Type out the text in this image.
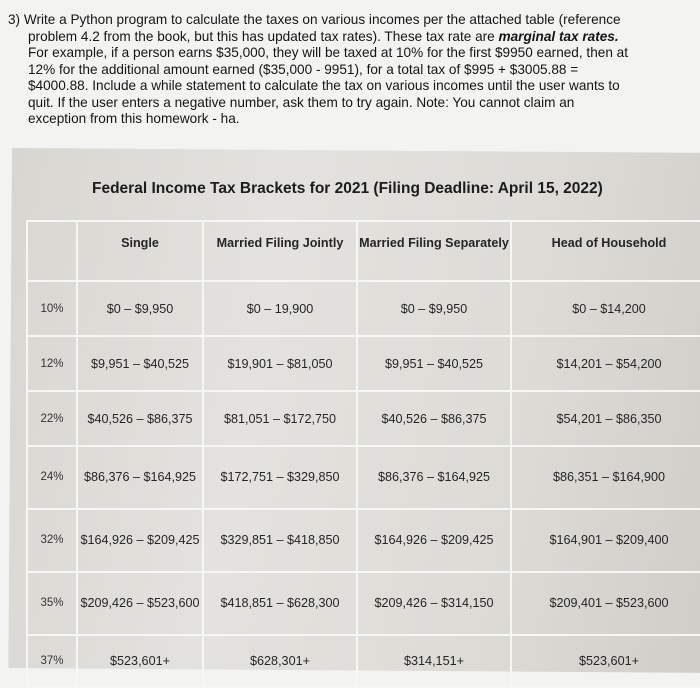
3) Write a Python program to calculate the taxes on various incomes per the attached table (reference
problem 4.2 from the book, but this has updated tax rates). These tax rate are marginal tax rates.
For example, if a person earns $35,000, they will be taxed at 10% for the first $9950 earned, then at
12% for the additional amount earned ($35,000 - 9951), for a total tax of $995 + $3005.88 =
$4000.88. Include a while statement to calculate the tax on various incomes until the user wants to
quit. If the user enters a negative number, ask them to try again. Note: You cannot claim an
exception from this homework - ha.
Federal Income Tax Brackets for 2021 (Filing Deadline: April 15, 2022)
	Single	Married Filing Jointly	Married Filing Separately	Head of Household
10%	$0 – $9,950	$0 – 19,900	$0 – $9,950	$0 – $14,200
12%	$9,951 – $40,525	$19,901 – $81,050	$9,951 – $40,525	$14,201 – $54,200
22%	$40,526 – $86,375	$81,051 – $172,750	$40,526 – $86,375	$54,201 – $86,350
24%	$86,376 – $164,925	$172,751 – $329,850	$86,376 – $164,925	$86,351 – $164,900
32%	$164,926 – $209,425	$329,851 – $418,850	$164,926 – $209,425	$164,901 – $209,400
35%	$209,426 – $523,600	$418,851 – $628,300	$209,426 – $314,150	$209,401 – $523,600
37%	$523,601+	$628,301+	$314,151+	$523,601+
